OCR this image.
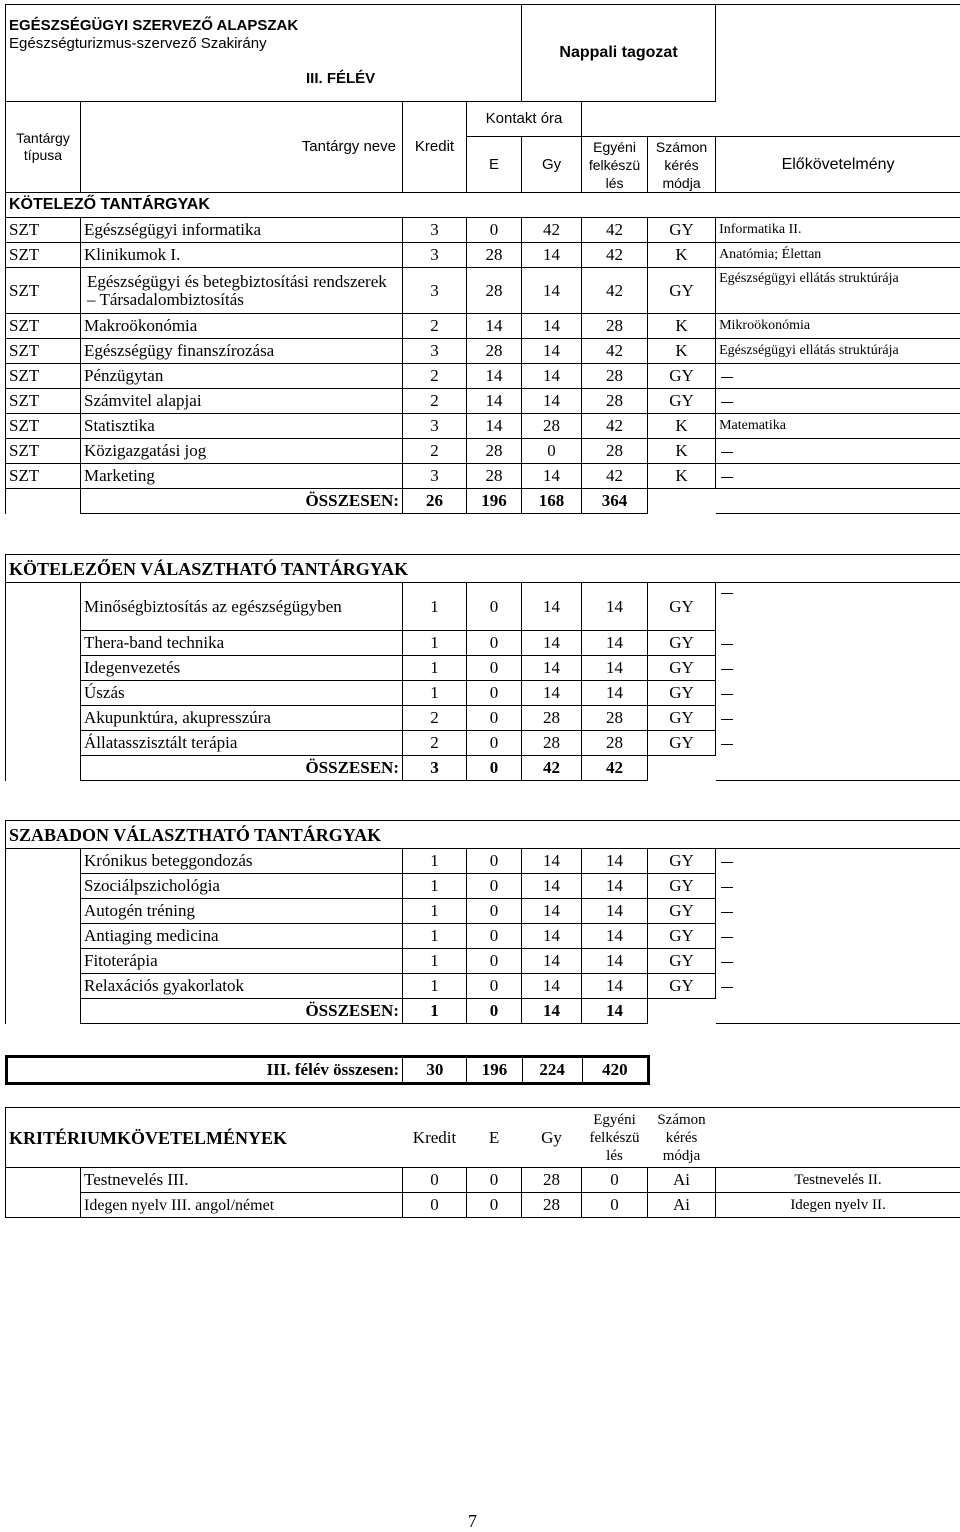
EGÉSZSÉGÜGYI SZERVEZŐ ALAPSZAK
Egészségturizmus-szervező Szakirány
III. FÉLÉV				Nappali tagozat			
Tantárgy típusa	Tantárgy neve	Kredit	Kontakt óra				
			E	Gy	Egyéni felkészü lés	Számon kérés módja	Előkövetelmény
KÖTELEZŐ TANTÁRGYAK							
SZT	Egészségügyi informatika	3	0	42	42	GY	Informatika II.
SZT	Klinikumok I.	3	28	14	42	K	Anatómia; Élettan
SZT	Egészségügyi és betegbiztosítási rendszerek – Társadalombiztosítás	3	28	14	42	GY	Egészségügyi ellátás struktúrája
SZT	Makroökonómia	2	14	14	28	K	Mikroökonómia
SZT	Egészségügy finanszírozása	3	28	14	42	K	Egészségügyi ellátás struktúrája
SZT	Pénzügytan	2	14	14	28	GY	
SZT	Számvitel alapjai	2	14	14	28	GY	
SZT	Statisztika	3	14	28	42	K	Matematika
SZT	Közigazgatási jog	2	28	0	28	K	
SZT	Marketing	3	28	14	42	K	
	ÖSSZESEN:	26	196	168	364		
KÖTELEZŐEN VÁLASZTHATÓ TANTÁRGYAK							
	Minőségbiztosítás az egészségügyben	1	0	14	14	GY	
	Thera-band technika	1	0	14	14	GY	
	Idegenvezetés	1	0	14	14	GY	
	Úszás	1	0	14	14	GY	
	Akupunktúra, akupresszúra	2	0	28	28	GY	
	Állatasszisztált terápia	2	0	28	28	GY	
	ÖSSZESEN:	3	0	42	42		
SZABADON VÁLASZTHATÓ TANTÁRGYAK							
	Krónikus beteggondozás	1	0	14	14	GY	
	Szociálpszichológia	1	0	14	14	GY	
	Autogén tréning	1	0	14	14	GY	
	Antiaging medicina	1	0	14	14	GY	
	Fitoterápia	1	0	14	14	GY	
	Relaxációs gyakorlatok	1	0	14	14	GY	
	ÖSSZESEN:	1	0	14	14		
III. félév összesen:	30	196	224	420
KRITÉRIUMKÖVETELMÉNYEK		Kredit	E	Gy	Egyéni felkészü lés	Számon kérés módja	
	Testnevelés III.	0	0	28	0	Ai	Testnevelés II.
	Idegen nyelv III. angol/német	0	0	28	0	Ai	Idegen nyelv II.
7
